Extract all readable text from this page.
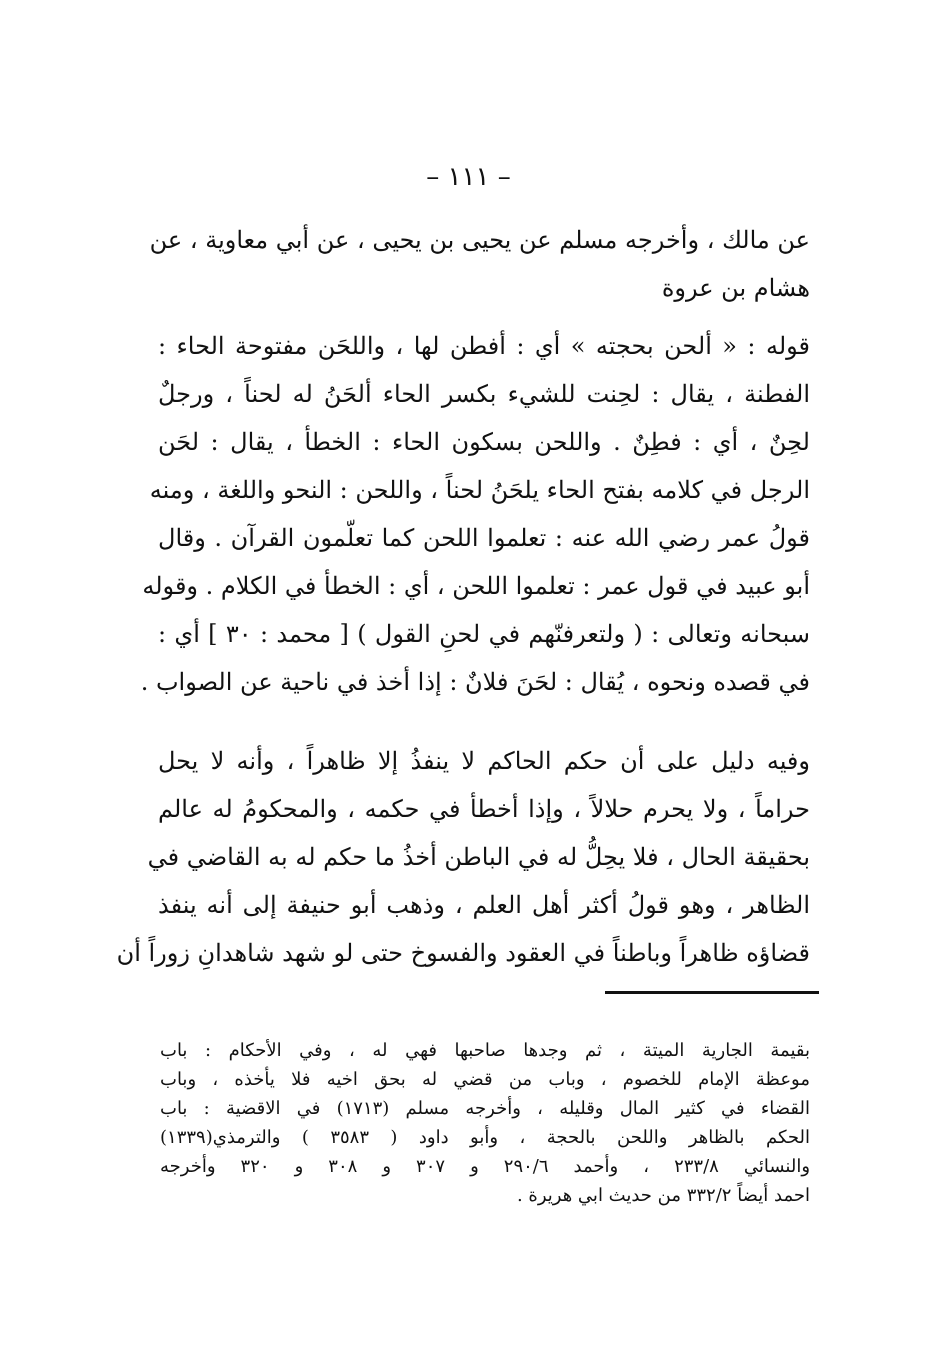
– ١١١ –
عن مالك ، وأخرجه مسلم عن يحيى بن يحيى ، عن أبي معاوية ، عن
هشام بن عروة
قوله : « ألحن بحجته » أي : أفطن لها ، واللحَن مفتوحة الحاء :
الفطنة ، يقال : لحِنت للشيء بكسر الحاء ألحَنُ له لحناً ، ورجلٌ
لحِنٌ ، أي : فطِنٌ . واللحن بسكون الحاء : الخطأ ، يقال : لحَن
الرجل في كلامه بفتح الحاء يلحَنُ لحناً ، واللحن : النحو واللغة ، ومنه
قولُ عمر رضي الله عنه : تعلموا اللحن كما تعلّمون القرآن . وقال
أبو عبيد في قول عمر : تعلموا اللحن ، أي : الخطأ في الكلام . وقوله
سبحانه وتعالى : ( ولتعرفنّهم في لحنِ القول ) [ محمد : ٣٠ ] أي :
في قصده ونحوه ، يُقال : لحَنَ فلانٌ : إذا أخذ في ناحية عن الصواب .
وفيه دليل على أن حكم الحاكم لا ينفذُ إلا ظاهراً ، وأنه لا يحل
حراماً ، ولا يحرم حلالاً ، وإذا أخطأ في حكمه ، والمحكومُ له عالم
بحقيقة الحال ، فلا يحِلُّ له في الباطن أخذُ ما حكم له به القاضي في
الظاهر ، وهو قولُ أكثر أهل العلم ، وذهب أبو حنيفة إلى أنه ينفذ
قضاؤه ظاهراً وباطناً في العقود والفسوخ حتى لو شهد شاهدانِ زوراً أن
بقيمة الجارية الميتة ، ثم وجدها صاحبها فهي له ، وفي الأحكام : باب
موعظة الإمام للخصوم ، وباب من قضي له بحق اخيه فلا يأخذه ، وباب
القضاء في كثير المال وقليله ، وأخرجه مسلم (١٧١٣) في الاقضية : باب
الحكم بالظاهر واللحن بالحجة ، وأبو داود ( ٣٥٨٣ ) والترمذي(١٣٣٩)
والنسائي ٢٣٣/٨ ، وأحمد ٢٩٠/٦ و ٣٠٧ و ٣٠٨ و ٣٢٠ وأخرجه
احمد أيضاً ٣٣٢/٢ من حديث ابي هريرة .
